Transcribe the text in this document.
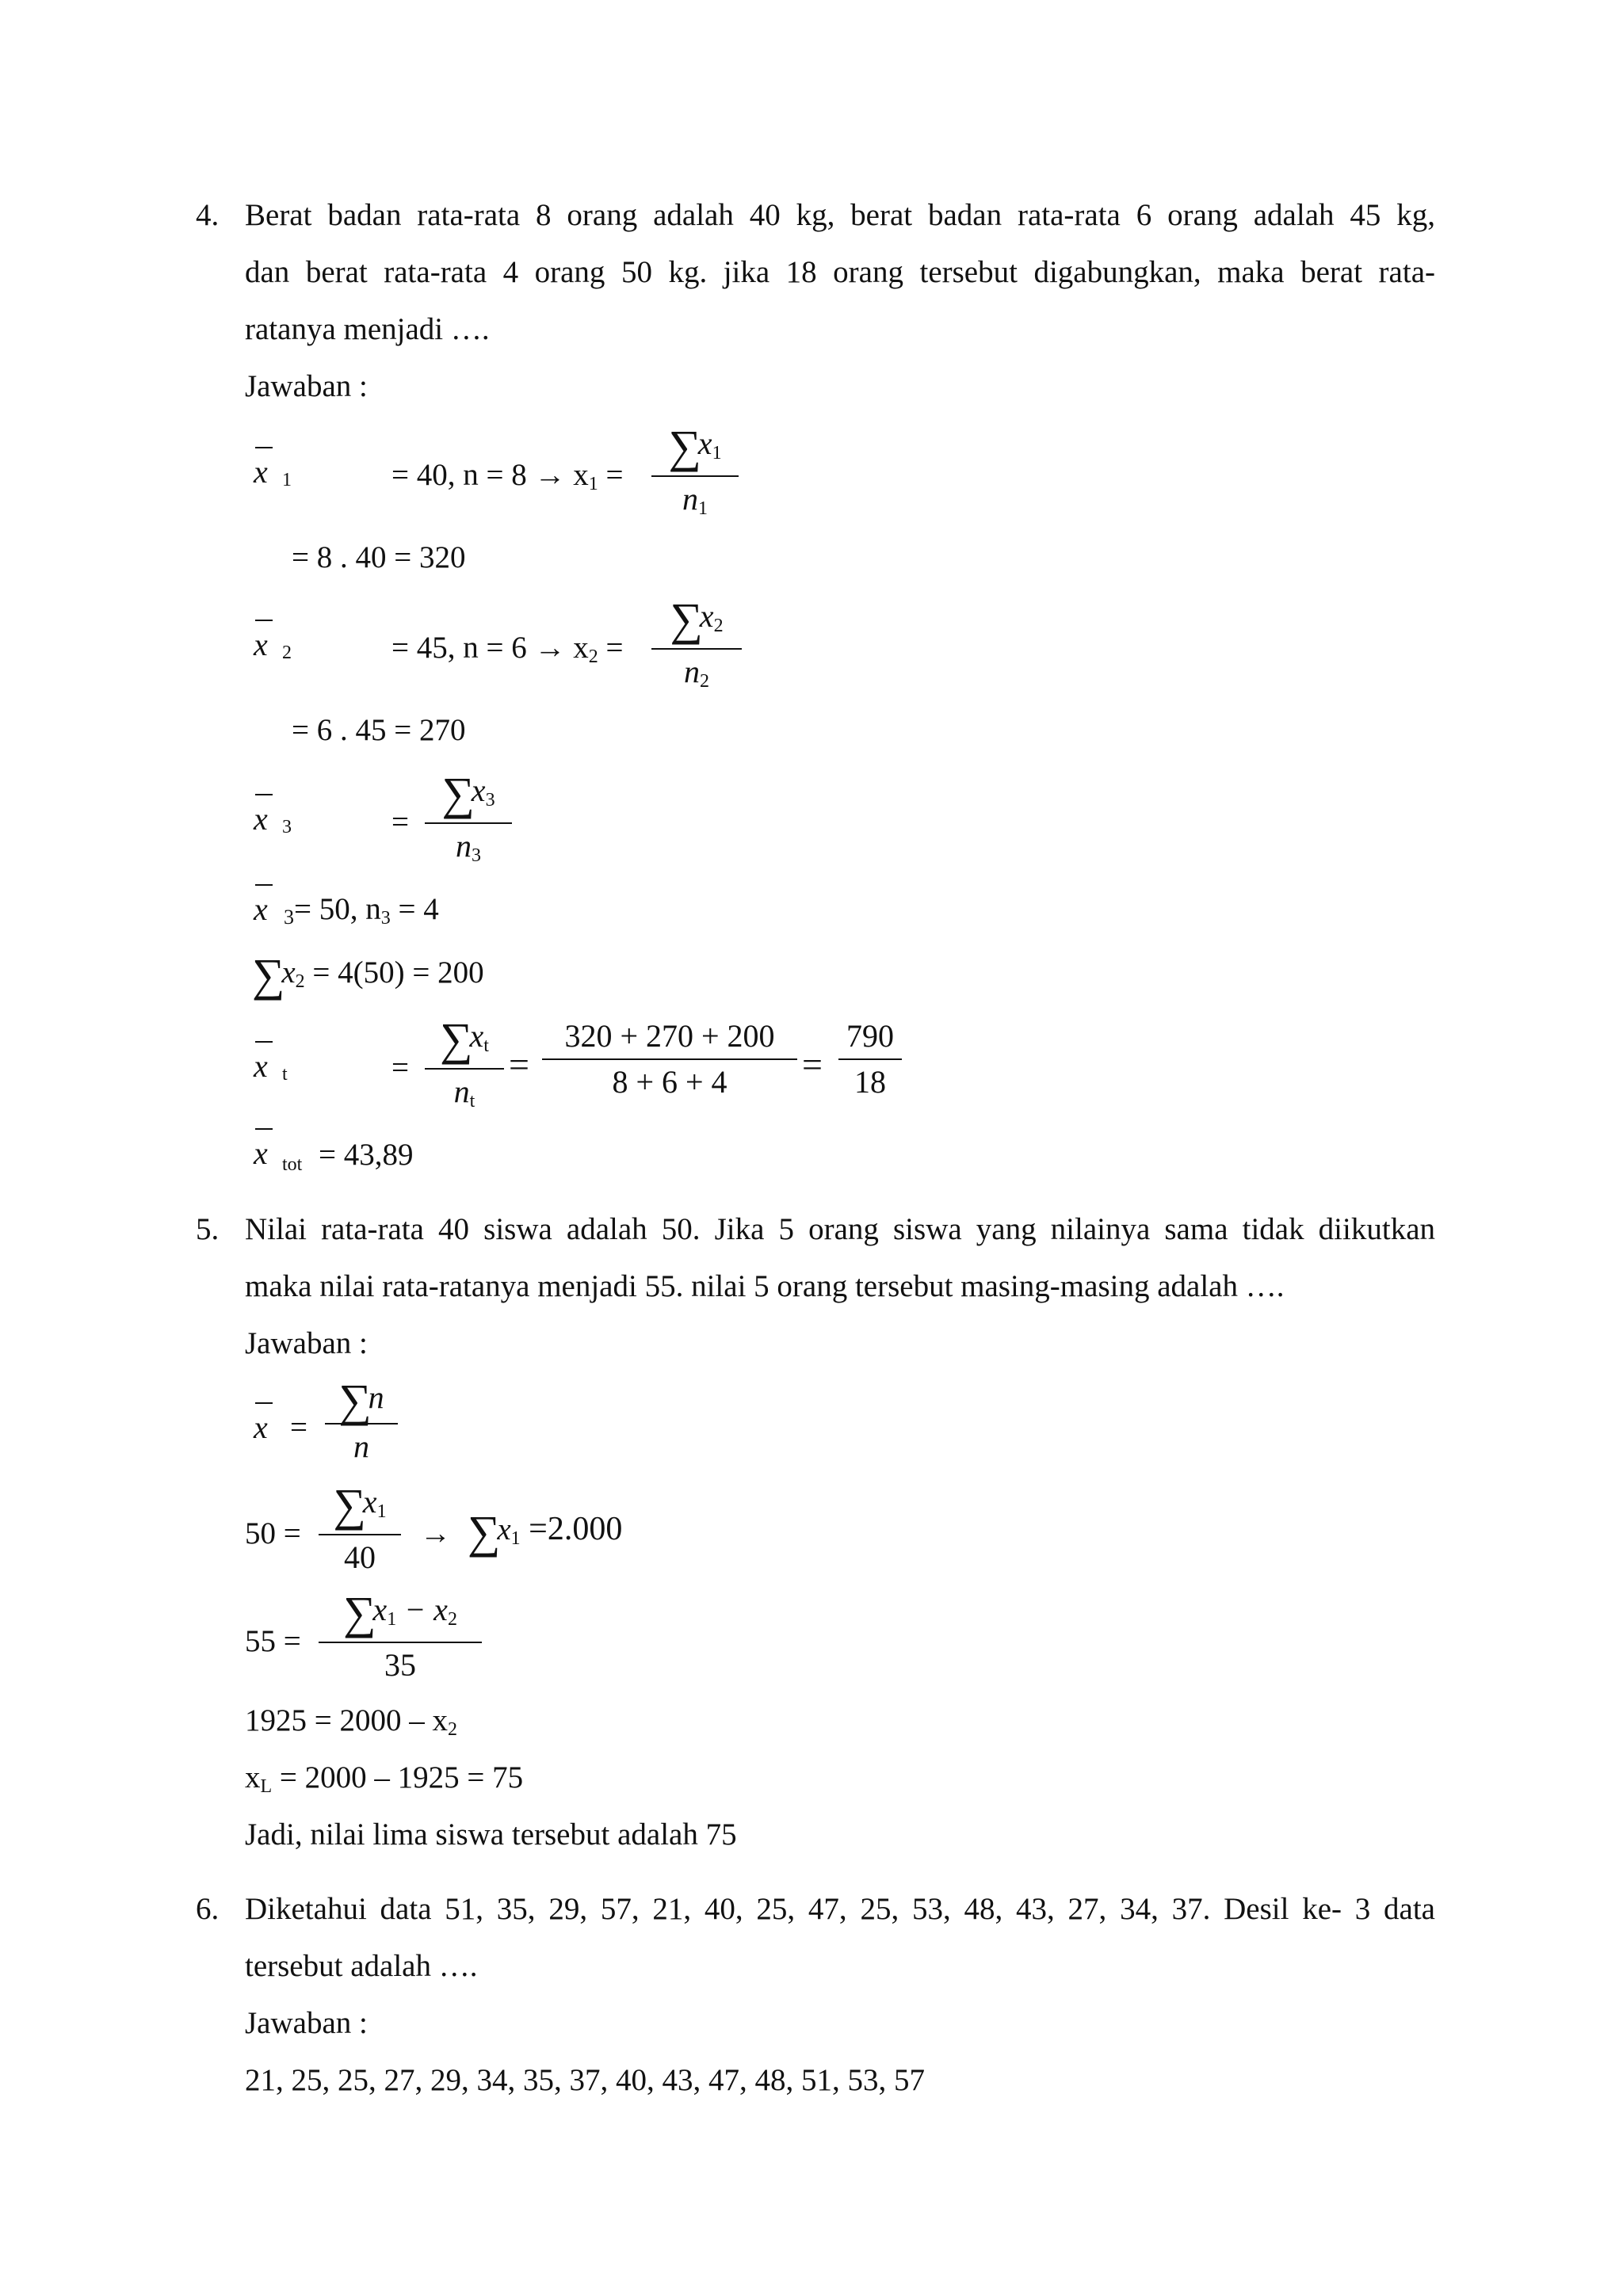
4. Berat badan rata-rata 8 orang adalah 40 kg, berat badan rata-rata 6 orang adalah 45 kg,
dan berat rata-rata 4 orang 50 kg. jika 18 orang tersebut digabungkan, maka berat rata-
ratanya menjadi ….
Jawaban :
x 1	= 40, $n = 8 \to x_1$ =
$\sum x_1$
$n_1$
= 8 . 40 = 320
x 2	= 45, $n = 6 \to x_2$ =
$\sum x_2$
$n_2$
= 6 . 45 = 270
x 3	=
$\sum x_3$
$n_3$
x $_3$= 50, $n_3 = 4$
$\sum x_2 = 4(50) = 200$
x t	=
$\sum x_t$
$n_t$
=
320 + 270 + 200
8 + 6 + 4	=
790
18
x tot = 43,89
5. Nilai rata-rata 40 siswa adalah 50. Jika 5 orang siswa yang nilainya sama tidak diikutkan
maka nilai rata-ratanya menjadi 55. nilai 5 orang tersebut masing-masing adalah ….
Jawaban :
x =
∑n
n
50 =
$\sum x_1$
40
→ $\sum x_1 =2.000$
55 =
$\sum x_1 - x_2$
35
$1925 = 2000 - x_2$
$x_L = 2000 - 1925 = 75$
Jadi, nilai lima siswa tersebut adalah 75
6. Diketahui data 51, 35, 29, 57, 21, 40, 25, 47, 25, 53, 48, 43, 27, 34, 37. Desil ke- 3 data
tersebut adalah ….
Jawaban :
21, 25, 25, 27, 29, 34, 35, 37, 40, 43, 47, 48, 51, 53, 57
